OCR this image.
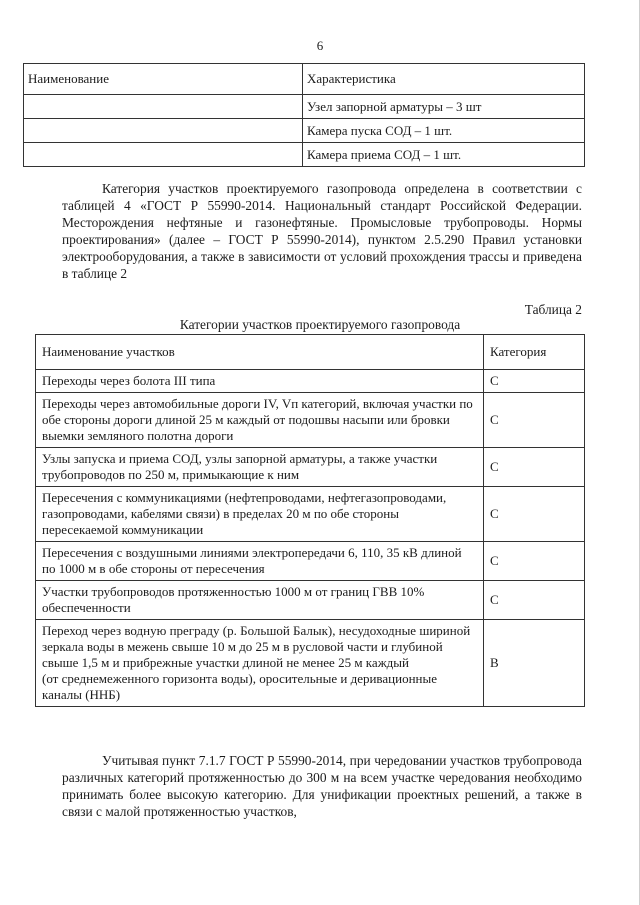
6
Наименование	Характеристика
	Узел запорной арматуры – 3 шт
	Камера пуска СОД – 1 шт.
	Камера приема СОД – 1 шт.

Категория участков проектируемого газопровода определена в соответствии с таблицей 4 «ГОСТ Р 55990-2014. Национальный стандарт Российской Федерации. Месторождения нефтяные и газонефтяные. Промысловые трубопроводы. Нормы проектирования» (далее – ГОСТ Р 55990-2014), пунктом 2.5.290 Правил установки электрооборудования, а также в зависимости от условий прохождения трассы и приведена в таблице 2

Таблица 2
Категории участков проектируемого газопровода
Наименование участков	Категория
Переходы через болота III типа	C
Переходы через автомобильные дороги IV, Vп категорий, включая участки по обе стороны дороги длиной 25 м каждый от подошвы насыпи или бровки выемки земляного полотна дороги	C
Узлы запуска и приема СОД, узлы запорной арматуры, а также участки трубопроводов по 250 м, примыкающие к ним	C
Пересечения с коммуникациями (нефтепроводами, нефтегазопроводами, газопроводами, кабелями связи) в пределах 20 м по обе стороны пересекаемой коммуникации	C
Пересечения с воздушными линиями электропередачи 6, 110, 35 кВ длиной по 1000 м в обе стороны от пересечения	C
Участки трубопроводов протяженностью 1000 м от границ ГВВ 10% обеспеченности	C
Переход через водную преграду (р. Большой Балык), несудоходные шириной зеркала воды в межень свыше 10 м до 25 м в русловой части и глубиной свыше 1,5 м и прибрежные участки длиной не менее 25 м каждый
(от среднемеженного горизонта воды), оросительные и деривационные каналы (ННБ)	B

Учитывая пункт 7.1.7 ГОСТ Р 55990-2014, при чередовании участков трубопровода различных категорий протяженностью до 300 м на всем участке чередования необходимо принимать более высокую категорию. Для унификации проектных решений, а также в связи с малой протяженностью участков,
